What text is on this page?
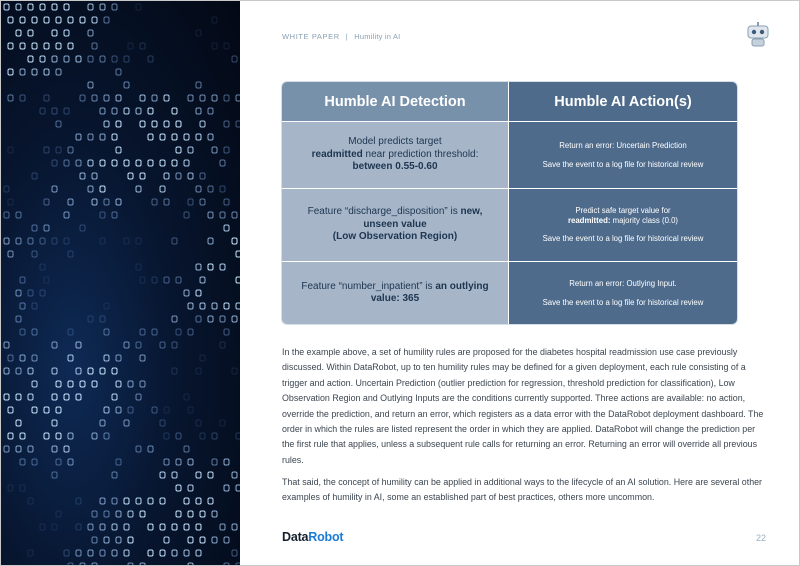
WHITE PAPER | Humility in AI
Humble AI Detection	Humble AI Action(s)
Model predicts target
readmitted near prediction threshold: between 0.55-0.60
Return an error: Uncertain Prediction
Save the event to a log file for historical review
Feature “discharge_disposition” is new, unseen value
(Low Observation Region)
Predict safe target value for
readmitted: majority class (0.0)
Save the event to a log file for historical review
Feature “number_inpatient” is an outlying value: 365
Return an error: Outlying Input.
Save the event to a log file for historical review

In the example above, a set of humility rules are proposed for the diabetes hospital readmission use case previously discussed. Within DataRobot, up to ten humility rules may be defined for a given deployment, each rule consisting of a trigger and action. Uncertain Prediction (outlier prediction for regression, threshold prediction for classification), Low Observation Region and Outlying Inputs are the conditions currently supported. Three actions are available: no action, override the prediction, and return an error, which registers as a data error with the DataRobot deployment dashboard. The order in which the rules are listed represent the order in which they are applied. DataRobot will change the prediction per the first rule that applies, unless a subsequent rule calls for returning an error. Returning an error will override all previous rules.

That said, the concept of humility can be applied in additional ways to the lifecycle of an AI solution. Here are several other examples of humility in AI, some an established part of best practices, others more uncommon.

DataRobot	22
